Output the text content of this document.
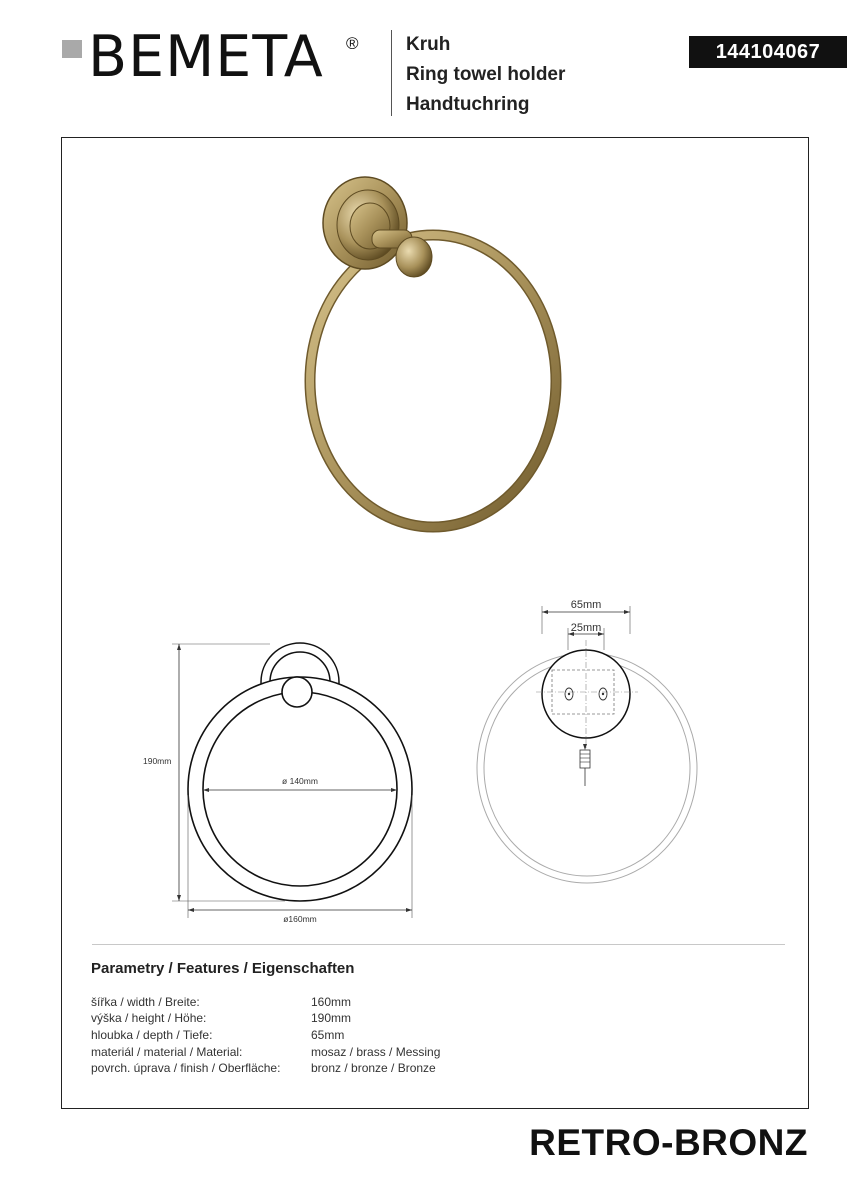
BEMETA ® Kruh
Ring towel holder
Handtuchring
144104067
ø 140mm
190mm
ø160mm
65mm
25mm
Parametry / Features / Eigenschaften
šířka / width / Breite:	160mm
výška / height / Höhe:	190mm
hloubka / depth / Tiefe:	65mm
materiál / material / Material:	mosaz / brass / Messing
povrch. úprava / finish / Oberfläche:	bronz / bronze / Bronze
RETRO-BRONZ
